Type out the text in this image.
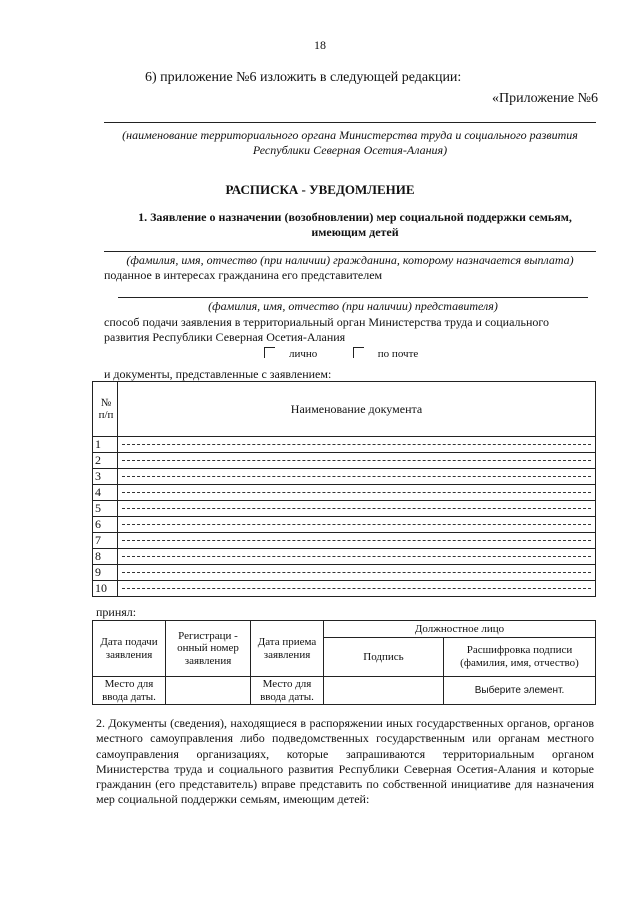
18
6) приложение №6 изложить в следующей редакции:
«Приложение №6
(наименование территориального органа Министерства труда и социального развития Республики Северная Осетия-Алания)
РАСПИСКА - УВЕДОМЛЕНИЕ
1. Заявление о назначении (возобновлении) мер социальной поддержки семьям, имеющим детей
(фамилия, имя, отчество (при наличии) гражданина, которому назначается выплата)
поданное в интересах гражданина его представителем
(фамилия, имя, отчество (при наличии) представителя)
способ подачи заявления в территориальный орган Министерства труда и социального развития Республики Северная Осетия-Алания
лично	по почте
и документы, представленные с заявлением:
№ п/п	Наименование документа
1	
2	
3	
4	
5	
6	
7	
8	
9	
10	
принял:
Дата подачи заявления	Регистраци - онный номер заявления	Дата приема заявления	Должностное лицо	
			Подпись	Расшифровка подписи (фамилия, имя, отчество)
Место для ввода даты.		Место для ввода даты.		Выберите элемент.
2. Документы (сведения), находящиеся в распоряжении иных государственных органов, органов местного самоуправления либо подведомственных государственным или органам местного самоуправления организациях, которые запрашиваются территориальным органом Министерства труда и социального развития Республики Северная Осетия-Алания и которые гражданин (его представитель) вправе представить по собственной инициативе для назначения мер социальной поддержки семьям, имеющим детей:
